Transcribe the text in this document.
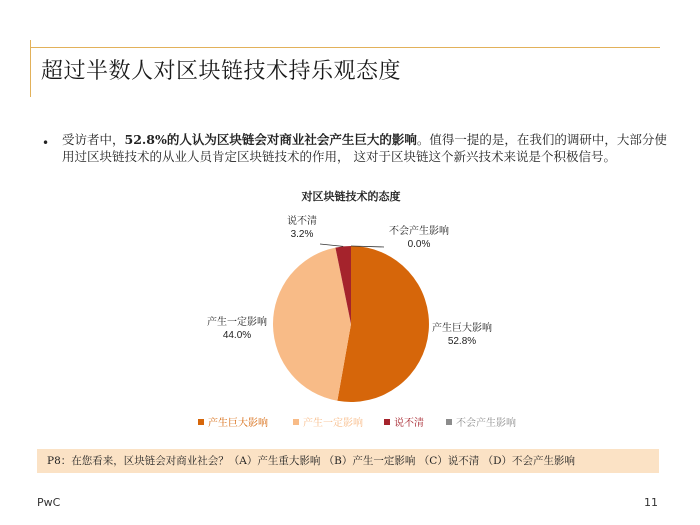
超过半数人对区块链技术持乐观态度
• 受访者中，52.8%的人认为区块链会对商业社会产生巨大的影响。值得一提的是，在我们的调研中，大部分使用过区块链技术的从业人员肯定区块链技术的作用， 这对于区块链这个新兴技术来说是个积极信号。
对区块链技术的态度
产生巨大影响
52.8%
产生一定影响
44.0%
说不清
3.2%	不会产生影响
0.0%
产生巨大影响	产生一定影响	说不清	不会产生影响
P8：在您看来，区块链会对商业社会？（A）产生重大影响 （B）产生一定影响 （C）说不清 （D）不会产生影响
PwC	11
